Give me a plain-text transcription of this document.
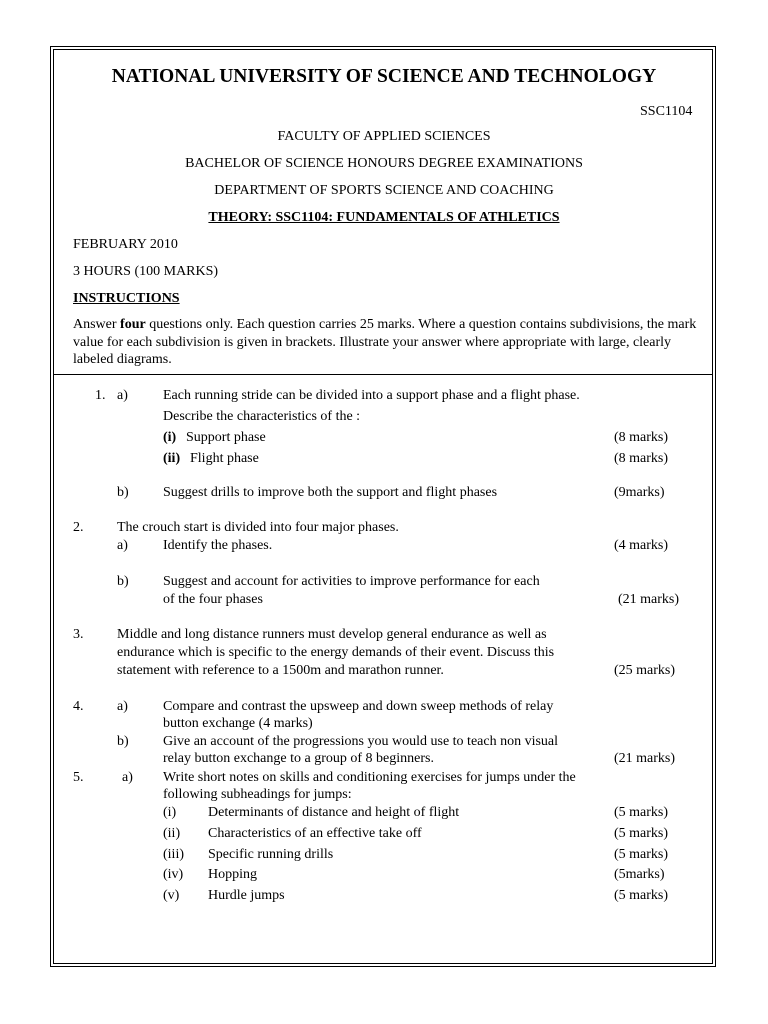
NATIONAL UNIVERSITY OF SCIENCE AND TECHNOLOGY
SSC1104
FACULTY OF APPLIED SCIENCES
BACHELOR OF SCIENCE HONOURS DEGREE EXAMINATIONS
DEPARTMENT OF SPORTS SCIENCE AND COACHING
THEORY: SSC1104: FUNDAMENTALS OF ATHLETICS
FEBRUARY 2010
3 HOURS (100 MARKS)
INSTRUCTIONS
Answer four questions only. Each question carries 25 marks. Where a question contains subdivisions, the mark value for each subdivision is given in brackets. Illustrate your answer where appropriate with large, clearly labeled diagrams.
1. a)	Each running stride can be divided into a support phase and a flight phase.
Describe the characteristics of the :
(i) Support phase	(8 marks)
(ii) Flight phase	(8 marks)
b) Suggest drills to improve both the support and flight phases	(9marks)
2. The crouch start is divided into four major phases.
a)	Identify the phases.	(4 marks)
b) Suggest and account for activities to improve performance for each
of the four phases	(21 marks)
3. Middle and long distance runners must develop general endurance as well as
endurance which is specific to the energy demands of their event. Discuss this
statement with reference to a 1500m and marathon runner.	(25 marks)
4. a)	Compare and contrast the upsweep and down sweep methods of relay
button exchange (4 marks)
b) Give an account of the progressions you would use to teach non visual
relay button exchange to a group of 8 beginners.	(21 marks)
5.	a) Write short notes on skills and conditioning exercises for jumps under the
following subheadings for jumps:
(i) Determinants of distance and height of flight	(5 marks)
(ii) Characteristics of an effective take off	(5 marks)
(iii) Specific running drills	(5 marks)
(iv) Hopping	(5marks)
(v) Hurdle jumps	(5 marks)
